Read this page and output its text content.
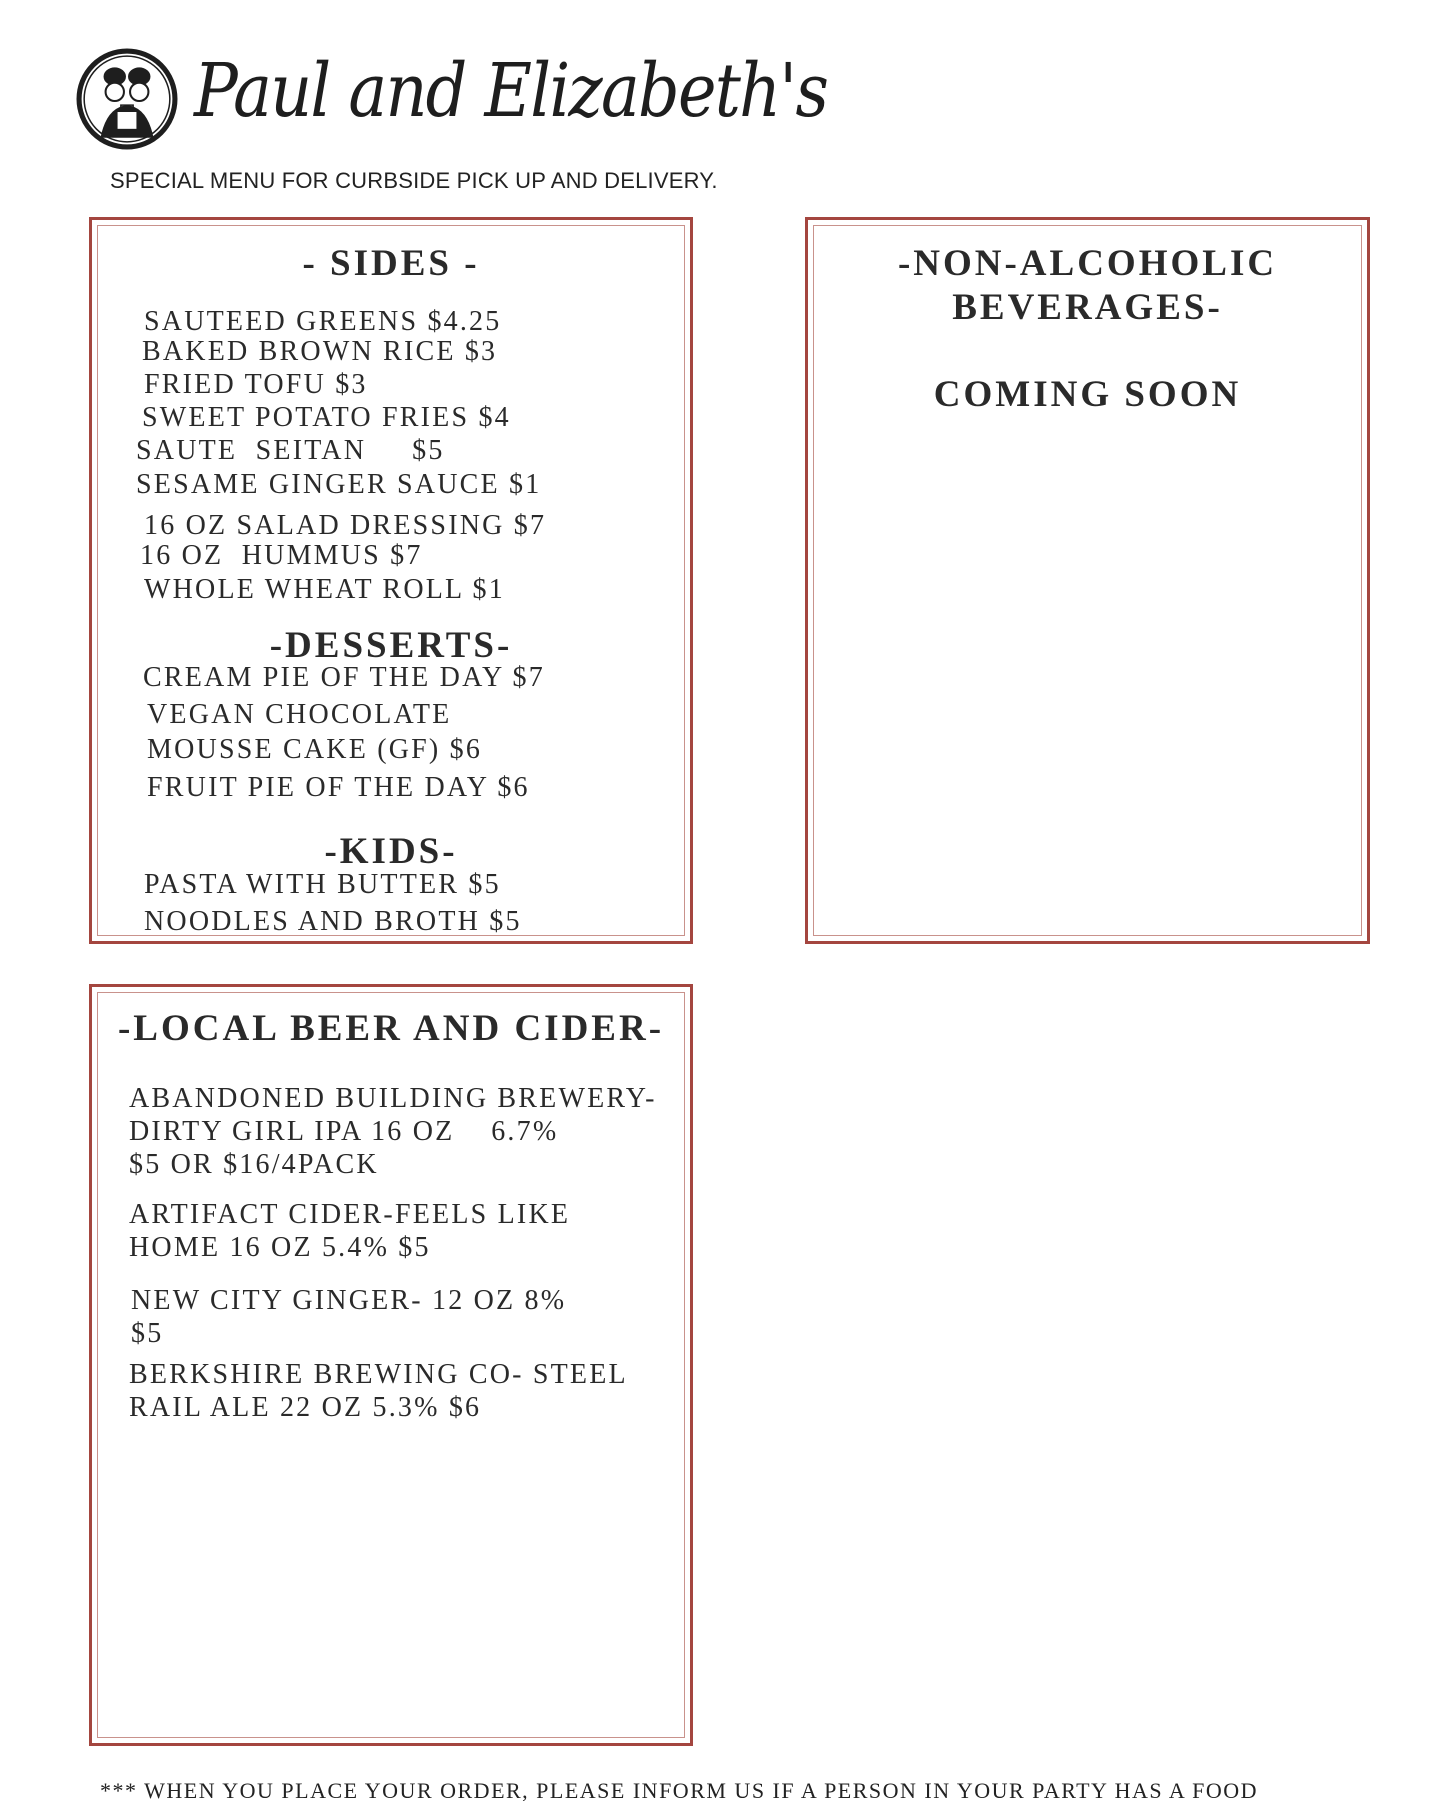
Paul and Elizabeth's
SPECIAL MENU FOR CURBSIDE PICK UP AND DELIVERY.
- SIDES -
SAUTEED GREENS $4.25
BAKED BROWN RICE $3
FRIED TOFU $3
SWEET POTATO FRIES $4
SAUTE  SEITAN     $5
SESAME GINGER SAUCE $1
16 OZ SALAD DRESSING $7
16 OZ  HUMMUS $7
WHOLE WHEAT ROLL $1
-DESSERTS-
CREAM PIE OF THE DAY $7
VEGAN CHOCOLATE
MOUSSE CAKE (GF) $6
FRUIT PIE OF THE DAY $6
-KIDS-
PASTA WITH BUTTER $5
NOODLES AND BROTH $5
-NON-ALCOHOLIC
BEVERAGES-
COMING SOON
-LOCAL BEER AND CIDER-
ABANDONED BUILDING BREWERY-
DIRTY GIRL IPA 16 OZ    6.7%
$5 OR $16/4PACK
ARTIFACT CIDER-FEELS LIKE
HOME 16 OZ 5.4% $5
NEW CITY GINGER- 12 OZ 8%
$5
BERKSHIRE BREWING CO- STEEL
RAIL ALE 22 OZ 5.3% $6
*** WHEN YOU PLACE YOUR ORDER, PLEASE INFORM US IF A PERSON IN YOUR PARTY HAS A FOOD
